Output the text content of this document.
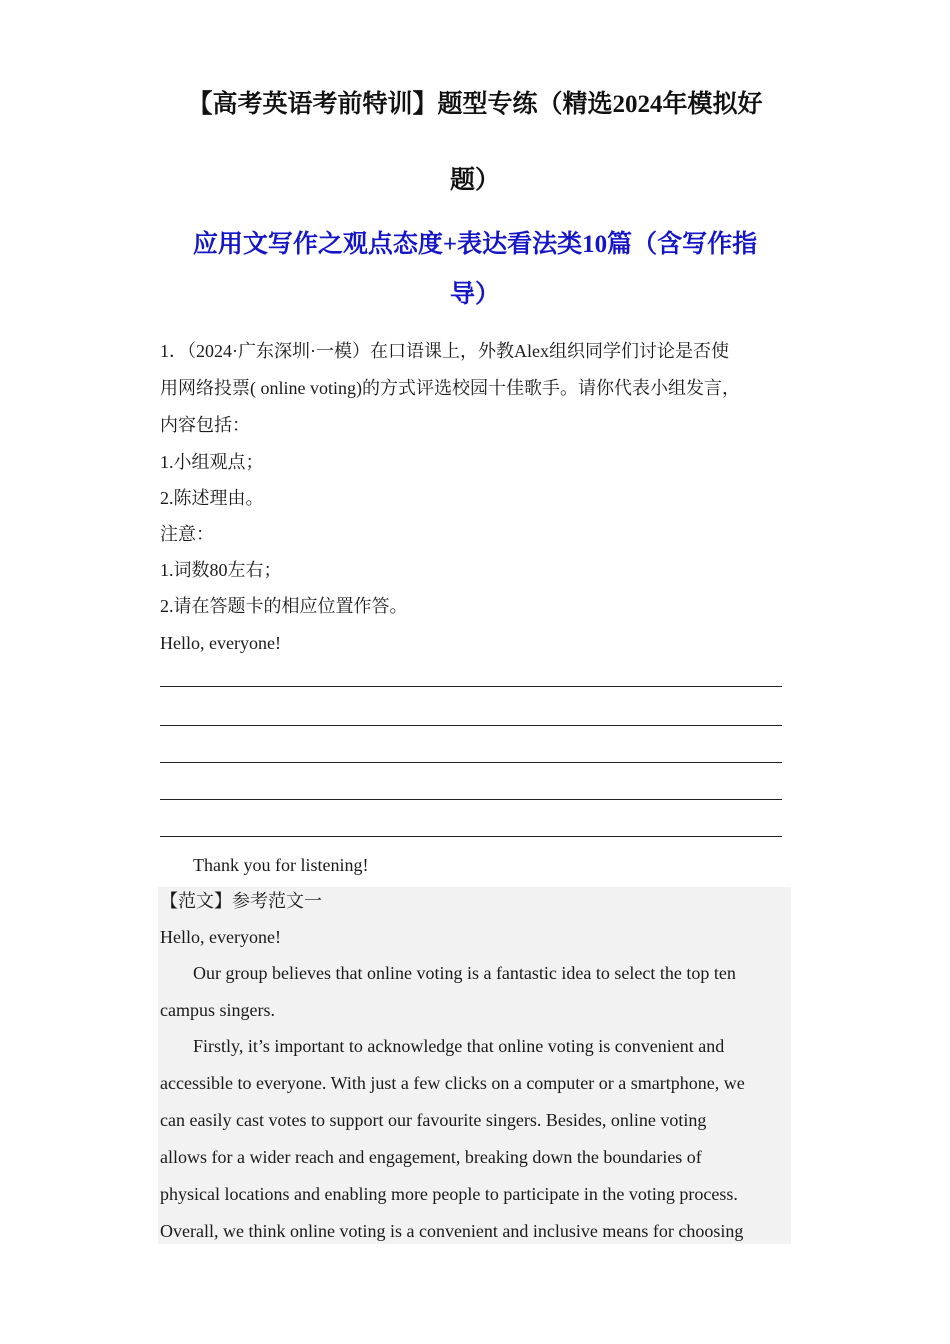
【高考英语考前特训】题型专练（精选2024年模拟好
题）
应用文写作之观点态度+表达看法类10篇（含写作指
导）
1．（2024·广东深圳·一模）在口语课上，外教Alex组织同学们讨论是否使
用网络投票( online voting)的方式评选校园十佳歌手。请你代表小组发言，
内容包括：
1.小组观点；
2.陈述理由。
注意：
1.词数80左右；
2.请在答题卡的相应位置作答。
Hello, everyone!
Thank you for listening!
【范文】参考范文一
Hello, everyone!
Our group believes that online voting is a fantastic idea to select the top ten
campus singers.
Firstly, it’s important to acknowledge that online voting is convenient and
accessible to everyone. With just a few clicks on a computer or a smartphone, we
can easily cast votes to support our favourite singers. Besides, online voting
allows for a wider reach and engagement, breaking down the boundaries of
physical locations and enabling more people to participate in the voting process.
Overall, we think online voting is a convenient and inclusive means for choosing
